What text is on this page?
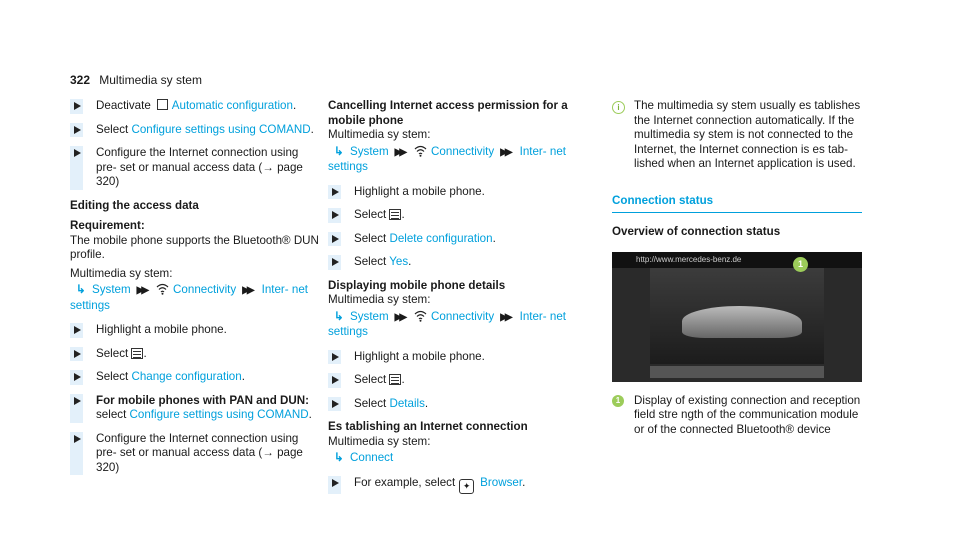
322 Multimedia sy stem
Deactivate Automatic configuration.
Select Configure settings using COMAND.
Configure the Internet connection using pre- set or manual access data (→ page 320)
Editing the access data
Requirement:
The mobile phone supports the Bluetooth® DUN profile.
Multimedia sy stem:
↳ System ▶▶ Connectivity ▶▶ Inter- net settings
Highlight a mobile phone.
Select .
Select Change configuration.
For mobile phones with PAN and DUN:
select Configure settings using COMAND.
Configure the Internet connection using pre- set or manual access data (→ page 320)
Cancelling Internet access permission for a mobile phone
Multimedia sy stem:
↳ System ▶▶ Connectivity ▶▶ Inter- net settings
Highlight a mobile phone.
Select .
Select Delete configuration.
Select Yes.
Displaying mobile phone details
Multimedia sy stem:
↳ System ▶▶ Connectivity ▶▶ Inter- net settings
Highlight a mobile phone.
Select .
Select Details.
Es tablishing an Internet connection
Multimedia sy stem:
↳ Connect
For example, select ✦ Browser.
i	The multimedia sy stem usually es tablishes the Internet connection automatically. If the multimedia sy stem is not connected to the Internet, the Internet connection is es tab- lished when an Internet application is used.
Connection status
Overview of connection status
http://www.mercedes-benz.de	1
1	Display of existing connection and reception field stre ngth of the communication module or of the connected Bluetooth® device
